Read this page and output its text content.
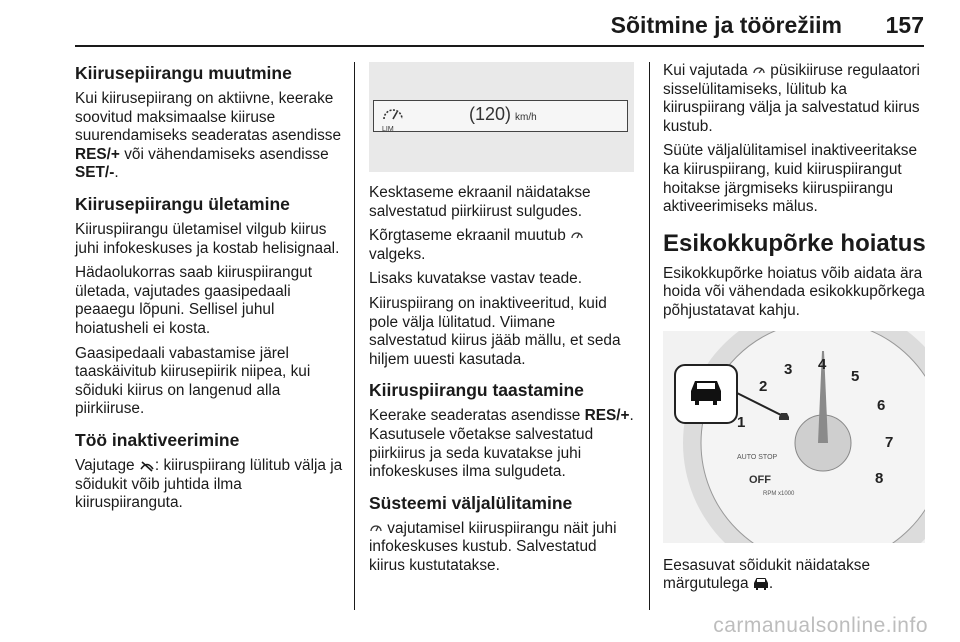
Sõitmine ja töörežiim 157
Kiirusepiirangu muutmine

Kui kiirusepiirang on aktiivne, keerake soovitud maksimaalse kiiruse suurendamiseks seaderatas asendisse RES/+ või vähendamiseks asendisse SET/-.

Kiirusepiirangu ületamine

Kiiruspiirangu ületamisel vilgub kiirus juhi infokeskuses ja kostab helisignaal.

Hädaolukorras saab kiiruspiirangut ületada, vajutades gaasipedaali peaaegu lõpuni. Sellisel juhul hoiatusheli ei kosta.

Gaasipedaali vabastamise järel taaskäivitub kiirusepiirik niipea, kui sõiduki kiirus on langenud alla piirkiiruse.

Töö inaktiveerimine

Vajutage : kiiruspiirang lülitub välja ja sõidukit võib juhtida ilma kiiruspiiranguta.

LIM
(120) km/h

Kesktaseme ekraanil näidatakse salvestatud piirkiirust sulgudes.

Kõrgtaseme ekraanil muutub  valgeks.

Lisaks kuvatakse vastav teade.

Kiiruspiirang on inaktiveeritud, kuid pole välja lülitatud. Viimane salvestatud kiirus jääb mällu, et seda hiljem uuesti kasutada.

Kiiruspiirangu taastamine

Keerake seaderatas asendisse RES/+. Kasutusele võetakse salvestatud piirkiirus ja seda kuvatakse juhi infokeskuses ilma sulgudeta.

Süsteemi väljalülitamine

vajutamisel kiiruspiirangu näit juhi infokeskuses kustub. Salvestatud kiirus kustutatakse.

Kui vajutada  püsikiiruse regulaatori sisselülitamiseks, lülitub ka kiiruspiirang välja ja salvestatud kiirus kustub.

Süüte väljalülitamisel inaktiveeritakse ka kiiruspiirang, kuid kiiruspiirangut hoitakse järgmiseks kiiruspiirangu aktiveerimiseks mälus.

Esikokkupõrke hoiatus

Esikokkupõrke hoiatus võib aidata ära hoida või vähendada esikokkupõrkega põhjustatavat kahju.

1
2
3 4
5
6
7
8
AUTO STOP
OFF
RPM x1000

Eesasuvat sõidukit näidatakse märgutulega .

carmanualsonline.info
